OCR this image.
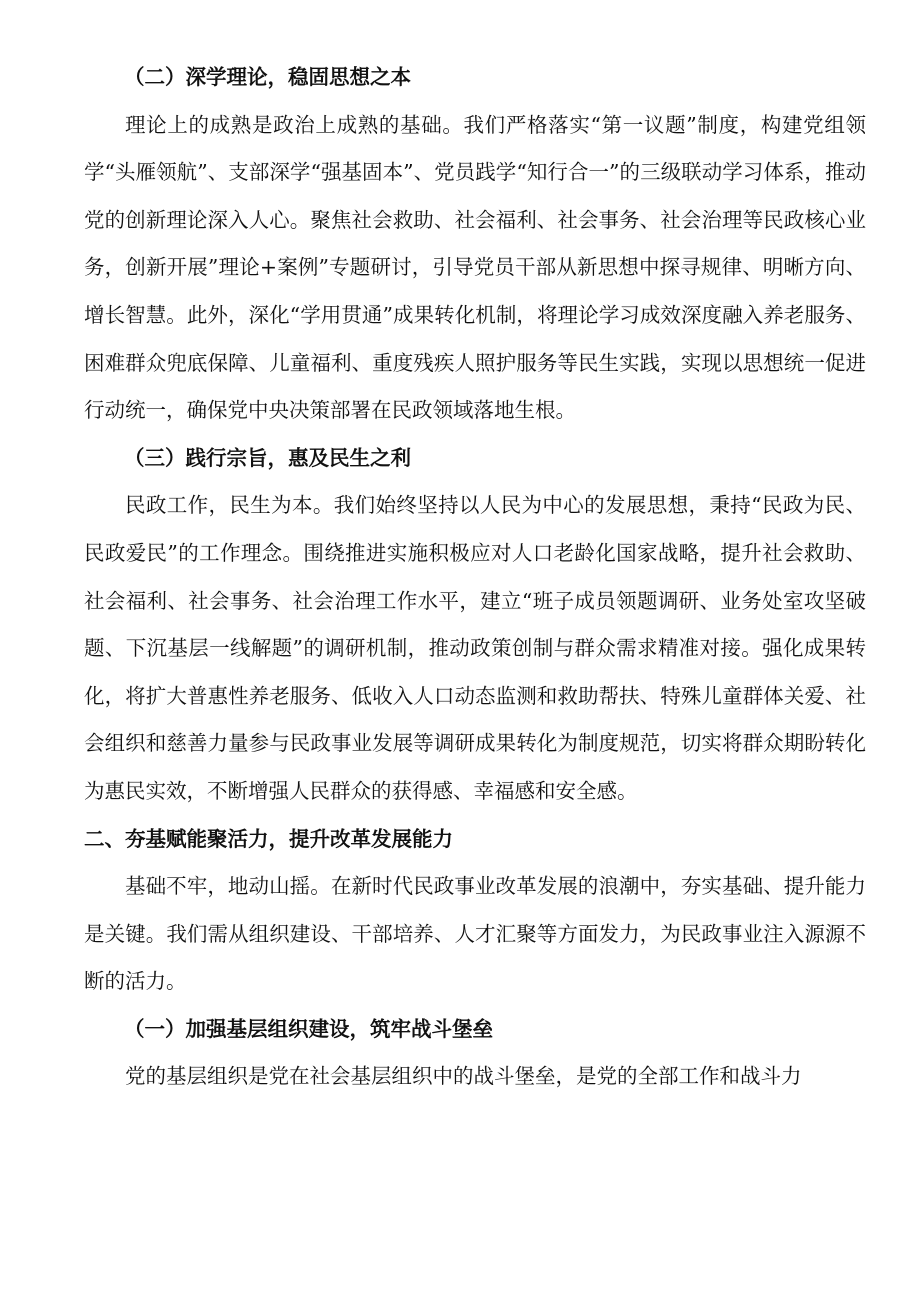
（二）深学理论，稳固思想之本

理论上的成熟是政治上成熟的基础。我们严格落实“第一议题”制度，构建党组领学“头雁领航”、支部深学“强基固本”、党员践学“知行合一”的三级联动学习体系，推动党的创新理论深入人心。聚焦社会救助、社会福利、社会事务、社会治理等民政核心业务，创新开展”理论+案例”专题研讨，引导党员干部从新思想中探寻规律、明晰方向、增长智慧。此外，深化“学用贯通”成果转化机制，将理论学习成效深度融入养老服务、困难群众兜底保障、儿童福利、重度残疾人照护服务等民生实践，实现以思想统一促进行动统一，确保党中央决策部署在民政领域落地生根。

（三）践行宗旨，惠及民生之利

民政工作，民生为本。我们始终坚持以人民为中心的发展思想，秉持“民政为民、民政爱民”的工作理念。围绕推进实施积极应对人口老龄化国家战略，提升社会救助、社会福利、社会事务、社会治理工作水平，建立“班子成员领题调研、业务处室攻坚破题、下沉基层一线解题”的调研机制，推动政策创制与群众需求精准对接。强化成果转化，将扩大普惠性养老服务、低收入人口动态监测和救助帮扶、特殊儿童群体关爱、社会组织和慈善力量参与民政事业发展等调研成果转化为制度规范，切实将群众期盼转化为惠民实效，不断增强人民群众的获得感、幸福感和安全感。

二、夯基赋能聚活力，提升改革发展能力

基础不牢，地动山摇。在新时代民政事业改革发展的浪潮中，夯实基础、提升能力是关键。我们需从组织建设、干部培养、人才汇聚等方面发力，为民政事业注入源源不断的活力。

（一）加强基层组织建设，筑牢战斗堡垒

党的基层组织是党在社会基层组织中的战斗堡垒，是党的全部工作和战斗力
